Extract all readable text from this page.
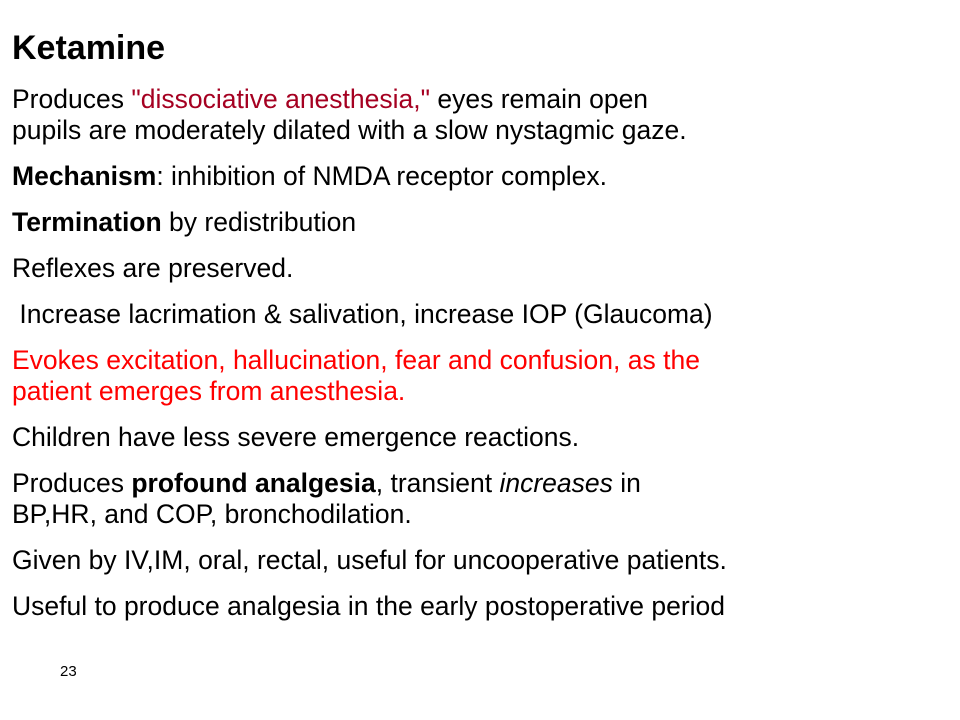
Ketamine

Produces "dissociative anesthesia," eyes remain open
pupils are moderately dilated with a slow nystagmic gaze.

Mechanism: inhibition of NMDA receptor complex.

Termination by redistribution

Reflexes are preserved.

Increase lacrimation & salivation, increase IOP (Glaucoma)

Evokes excitation, hallucination, fear and confusion, as the
patient emerges from anesthesia.

Children have less severe emergence reactions.

Produces profound analgesia, transient increases in
BP,HR, and COP, bronchodilation.

Given by IV,IM, oral, rectal, useful for uncooperative patients.

Useful to produce analgesia in the early postoperative period

23
